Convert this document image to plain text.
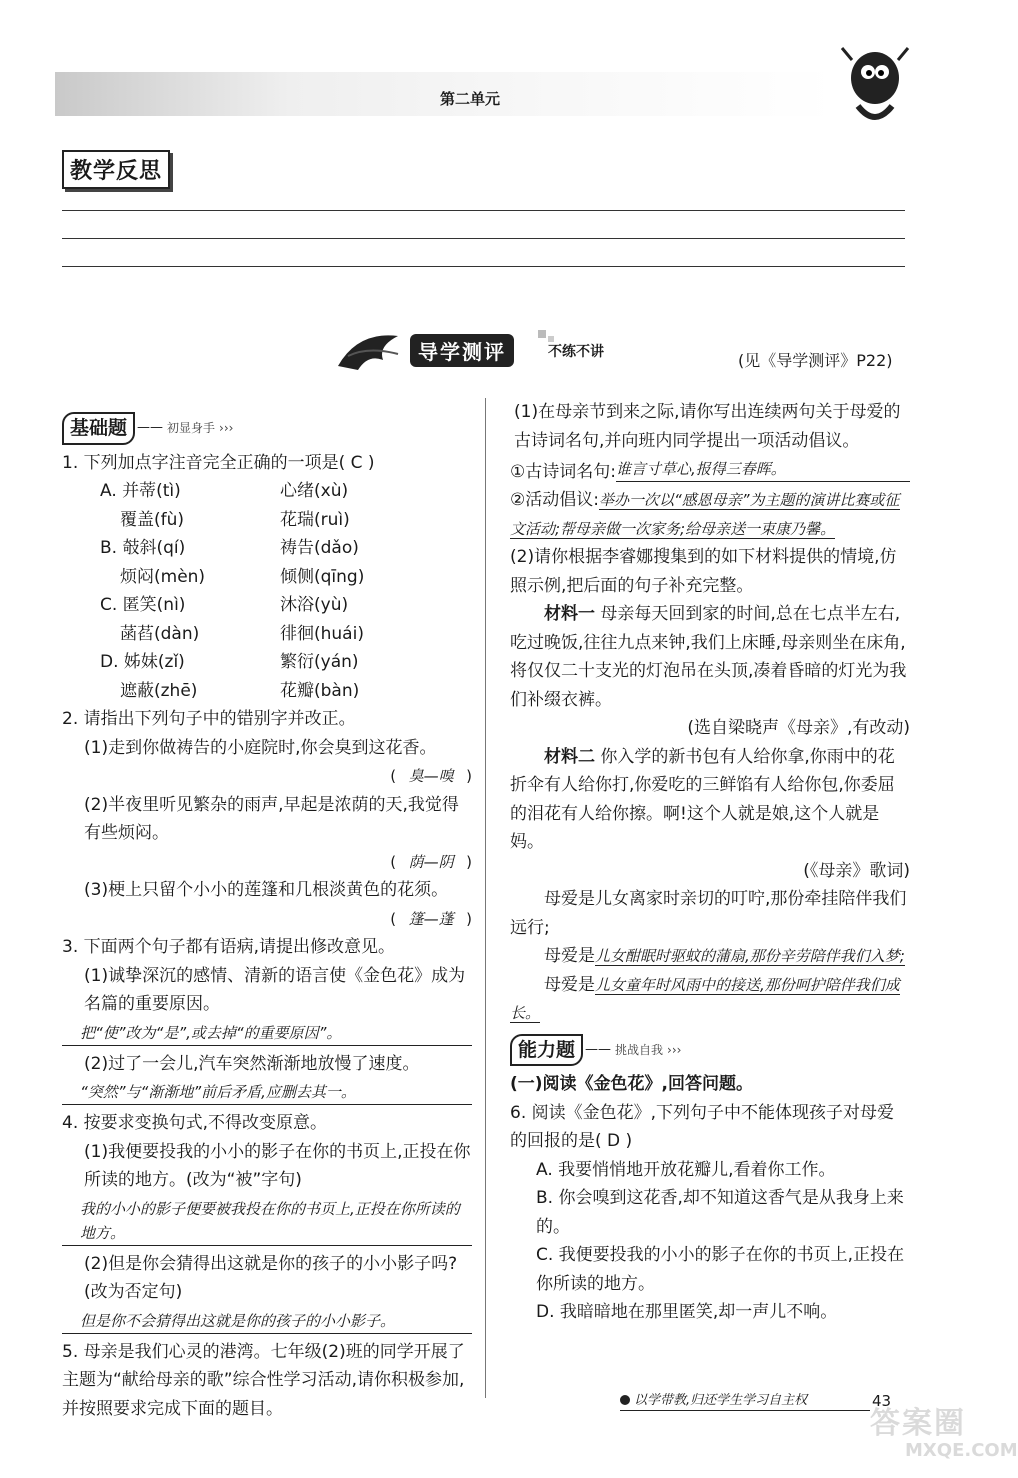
第二单元
教学反思
导学测评	不练不讲	(见《导学测评》P22)
基础题 —— 初显身手 ›››
1. 下列加点字注音完全正确的一项是( C )
A. 并蒂(tì)	心绪(xù)
覆盖(fù)	花瑞(ruì)
B. 攲斜(qí)	祷告(dǎo)
烦闷(mèn)	倾侧(qīng)
C. 匿笑(nì)	沐浴(yù)
菡萏(dàn)	徘徊(huái)
D. 姊妹(zǐ)	繁衍(yán)
遮蔽(zhē)	花瓣(bàn)
2. 请指出下列句子中的错别字并改正。
(1)走到你做祷告的小庭院时,你会臭到这花香。
( 臭—嗅 )
(2)半夜里听见繁杂的雨声,早起是浓荫的天,我觉得有些烦闷。
( 荫—阴 )
(3)梗上只留个小小的莲篷和几根淡黄色的花须。
( 篷—蓬 )
3. 下面两个句子都有语病,请提出修改意见。
(1)诚挚深沉的感情、清新的语言使《金色花》成为名篇的重要原因。
把“使”改为“是”,或去掉“的重要原因”。
(2)过了一会儿,汽车突然渐渐地放慢了速度。
“突然”与“渐渐地”前后矛盾,应删去其一。
4. 按要求变换句式,不得改变原意。
(1)我便要投我的小小的影子在你的书页上,正投在你所读的地方。(改为“被”字句)
我的小小的影子便要被我投在你的书页上,正投在你所读的地方。
(2)但是你会猜得出这就是你的孩子的小小影子吗?(改为否定句)
但是你不会猜得出这就是你的孩子的小小影子。
5. 母亲是我们心灵的港湾。七年级(2)班的同学开展了主题为“献给母亲的歌”综合性学习活动,请你积极参加,并按照要求完成下面的题目。
(1)在母亲节到来之际,请你写出连续两句关于母爱的古诗词名句,并向班内同学提出一项活动倡议。
①古诗词名句: 谁言寸草心,报得三春晖。
②活动倡议:举办一次以“感恩母亲”为主题的演讲比赛或征文活动;帮母亲做一次家务;给母亲送一束康乃馨。
(2)请你根据李睿娜搜集到的如下材料提供的情境,仿照示例,把后面的句子补充完整。
材料一 母亲每天回到家的时间,总在七点半左右,吃过晚饭,往往九点来钟,我们上床睡,母亲则坐在床角,将仅仅二十支光的灯泡吊在头顶,凑着昏暗的灯光为我们补缀衣裤。
(选自梁晓声《母亲》,有改动)
材料二 你入学的新书包有人给你拿,你雨中的花折伞有人给你打,你爱吃的三鲜馅有人给你包,你委屈的泪花有人给你擦。啊!这个人就是娘,这个人就是妈。
(《母亲》歌词)
母爱是儿女离家时亲切的叮咛,那份牵挂陪伴我们远行;
母爱是儿女酣眠时驱蚊的蒲扇,那份辛劳陪伴我们入梦;
母爱是儿女童年时风雨中的接送,那份呵护陪伴我们成长。
能力题 —— 挑战自我 ›››
(一)阅读《金色花》,回答问题。
6. 阅读《金色花》,下列句子中不能体现孩子对母爱的回报的是( D )
A. 我要悄悄地开放花瓣儿,看着你工作。
B. 你会嗅到这花香,却不知道这香气是从我身上来的。
C. 我便要投我的小小的影子在你的书页上,正投在你所读的地方。
D. 我暗暗地在那里匿笑,却一声儿不响。
以学带教,归还学生学习自主权	43
答案圈
MXQE.COM
